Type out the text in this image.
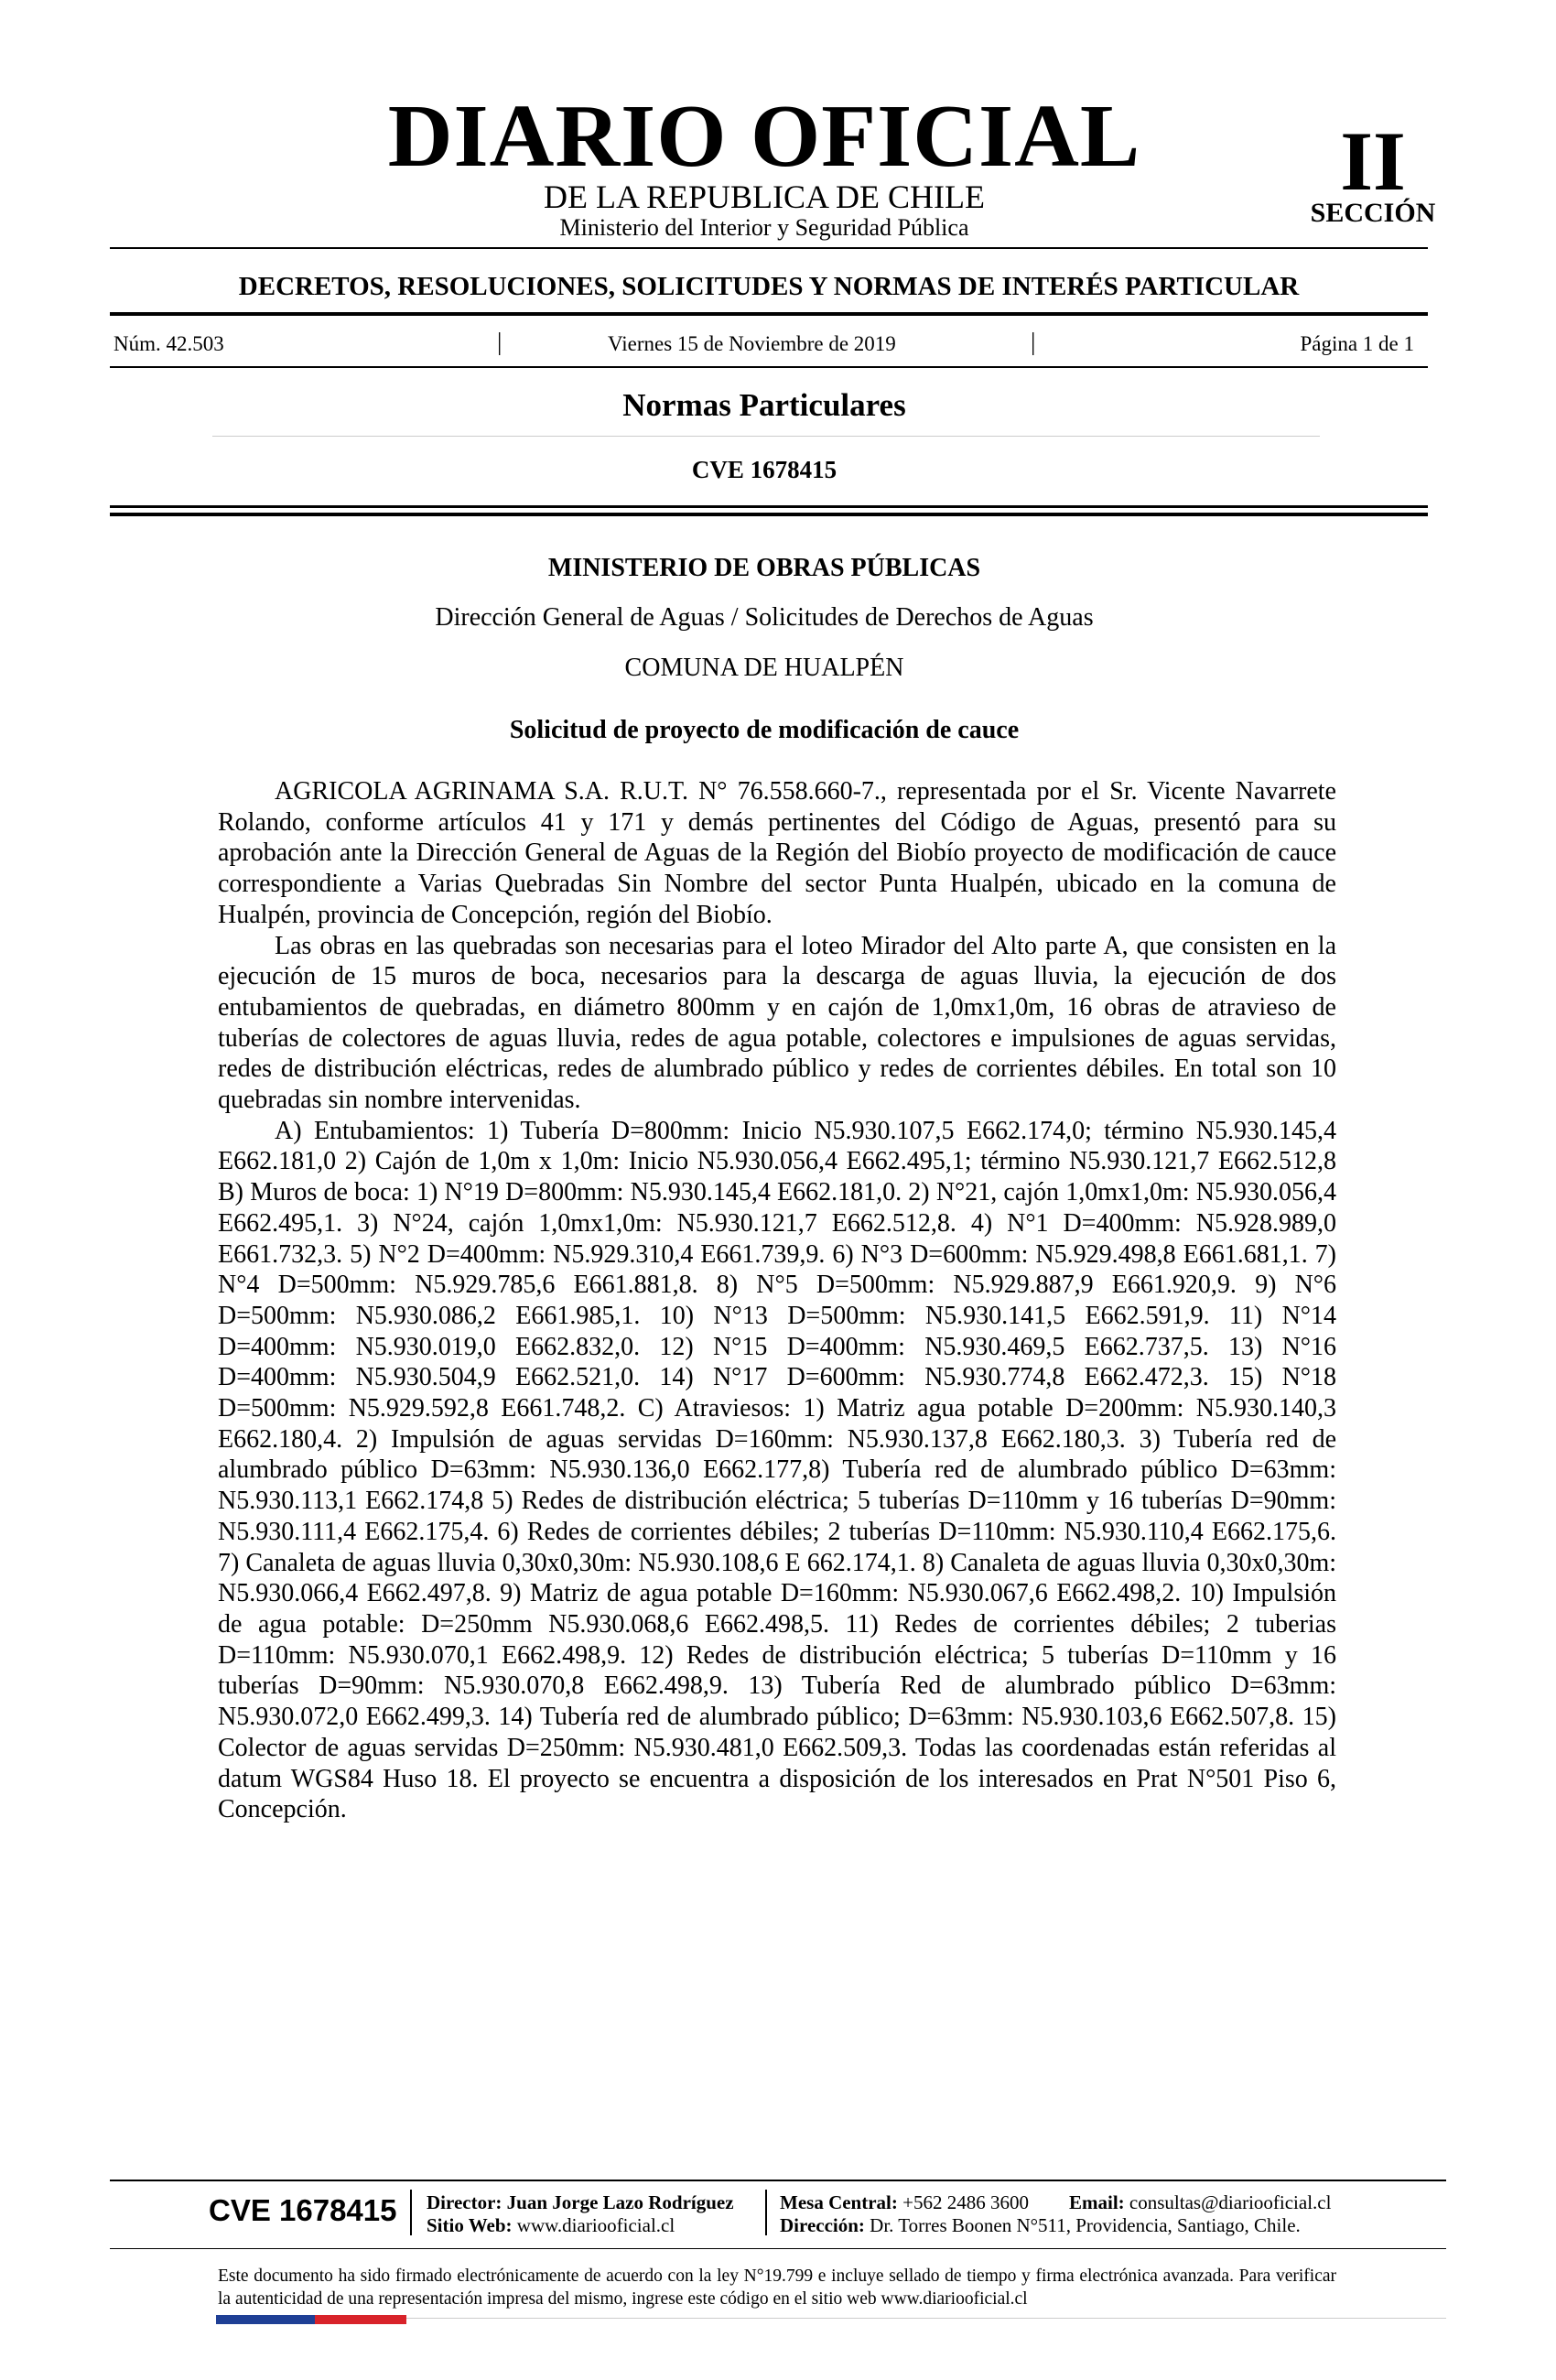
DIARIO OFICIAL
DE LA REPUBLICA DE CHILE
Ministerio del Interior y Seguridad Pública
II
SECCIÓN
DECRETOS, RESOLUCIONES, SOLICITUDES Y NORMAS DE INTERÉS PARTICULAR
Núm. 42.503	|	Viernes 15 de Noviembre de 2019	|	Página 1 de 1
Normas Particulares
CVE 1678415
MINISTERIO DE OBRAS PÚBLICAS
Dirección General de Aguas / Solicitudes de Derechos de Aguas
COMUNA DE HUALPÉN
Solicitud de proyecto de modificación de cauce

AGRICOLA AGRINAMA S.A. R.U.T. N° 76.558.660-7., representada por el Sr. Vicente Navarrete Rolando, conforme artículos 41 y 171 y demás pertinentes del Código de Aguas, presentó para su aprobación ante la Dirección General de Aguas de la Región del Biobío proyecto de modificación de cauce correspondiente a Varias Quebradas Sin Nombre del sector Punta Hualpén, ubicado en la comuna de Hualpén, provincia de Concepción, región del Biobío.

Las obras en las quebradas son necesarias para el loteo Mirador del Alto parte A, que consisten en la ejecución de 15 muros de boca, necesarios para la descarga de aguas lluvia, la ejecución de dos entubamientos de quebradas, en diámetro 800mm y en cajón de 1,0mx1,0m, 16 obras de atravieso de tuberías de colectores de aguas lluvia, redes de agua potable, colectores e impulsiones de aguas servidas, redes de distribución eléctricas, redes de alumbrado público y redes de corrientes débiles. En total son 10 quebradas sin nombre intervenidas.

A) Entubamientos: 1) Tubería D=800mm: Inicio N5.930.107,5 E662.174,0; término N5.930.145,4 E662.181,0 2) Cajón de 1,0m x 1,0m: Inicio N5.930.056,4 E662.495,1; término N5.930.121,7 E662.512,8 B) Muros de boca: 1) N°19 D=800mm: N5.930.145,4 E662.181,0. 2) N°21, cajón 1,0mx1,0m: N5.930.056,4 E662.495,1. 3) N°24, cajón 1,0mx1,0m: N5.930.121,7 E662.512,8. 4) N°1 D=400mm: N5.928.989,0 E661.732,3. 5) N°2 D=400mm: N5.929.310,4 E661.739,9. 6) N°3 D=600mm: N5.929.498,8 E661.681,1. 7) N°4 D=500mm: N5.929.785,6 E661.881,8. 8) N°5 D=500mm: N5.929.887,9 E661.920,9. 9) N°6 D=500mm: N5.930.086,2 E661.985,1. 10) N°13 D=500mm: N5.930.141,5 E662.591,9. 11) N°14 D=400mm: N5.930.019,0 E662.832,0. 12) N°15 D=400mm: N5.930.469,5 E662.737,5. 13) N°16 D=400mm: N5.930.504,9 E662.521,0. 14) N°17 D=600mm: N5.930.774,8 E662.472,3. 15) N°18 D=500mm: N5.929.592,8 E661.748,2. C) Atraviesos: 1) Matriz agua potable D=200mm: N5.930.140,3 E662.180,4. 2) Impulsión de aguas servidas D=160mm: N5.930.137,8 E662.180,3. 3) Tubería red de alumbrado público D=63mm: N5.930.136,0 E662.177,8) Tubería red de alumbrado público D=63mm: N5.930.113,1 E662.174,8 5) Redes de distribución eléctrica; 5 tuberías D=110mm y 16 tuberías D=90mm: N5.930.111,4 E662.175,4. 6) Redes de corrientes débiles; 2 tuberías D=110mm: N5.930.110,4 E662.175,6. 7) Canaleta de aguas lluvia 0,30x0,30m: N5.930.108,6 E 662.174,1. 8) Canaleta de aguas lluvia 0,30x0,30m: N5.930.066,4 E662.497,8. 9) Matriz de agua potable D=160mm: N5.930.067,6 E662.498,2. 10) Impulsión de agua potable: D=250mm N5.930.068,6 E662.498,5. 11) Redes de corrientes débiles; 2 tuberias D=110mm: N5.930.070,1 E662.498,9. 12) Redes de distribución eléctrica; 5 tuberías D=110mm y 16 tuberías D=90mm: N5.930.070,8 E662.498,9. 13) Tubería Red de alumbrado público D=63mm: N5.930.072,0 E662.499,3. 14) Tubería red de alumbrado público; D=63mm: N5.930.103,6 E662.507,8. 15) Colector de aguas servidas D=250mm: N5.930.481,0 E662.509,3. Todas las coordenadas están referidas al datum WGS84 Huso 18. El proyecto se encuentra a disposición de los interesados en Prat N°501 Piso 6, Concepción.

CVE 1678415 Director: Juan Jorge Lazo Rodríguez
Sitio Web: www.diariooficial.cl
Mesa Central: +562 2486 3600 Email: consultas@diariooficial.cl
Dirección: Dr. Torres Boonen N°511, Providencia, Santiago, Chile.
Este documento ha sido firmado electrónicamente de acuerdo con la ley N°19.799 e incluye sellado de tiempo y firma electrónica avanzada. Para verificar la autenticidad de una representación impresa del mismo, ingrese este código en el sitio web www.diariooficial.cl
